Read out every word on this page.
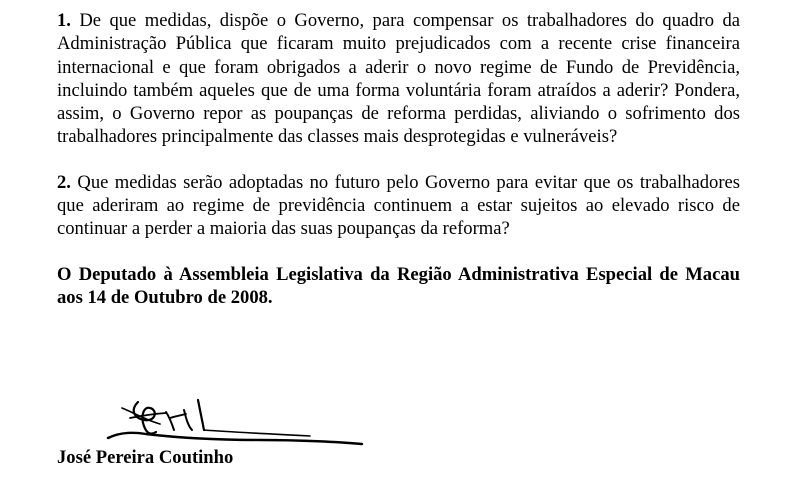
1. De que medidas, dispõe o Governo, para compensar os trabalhadores do quadro da Administração Pública que ficaram muito prejudicados com a recente crise financeira internacional e que foram obrigados a aderir o novo regime de Fundo de Previdência, incluindo também aqueles que de uma forma voluntária foram atraídos a aderir? Pondera, assim, o Governo repor as poupanças de reforma perdidas, aliviando o sofrimento dos trabalhadores principalmente das classes mais desprotegidas e vulneráveis?

2. Que medidas serão adoptadas no futuro pelo Governo para evitar que os trabalhadores que aderiram ao regime de previdência continuem a estar sujeitos ao elevado risco de continuar a perder a maioria das suas poupanças da reforma?

O Deputado à Assembleia Legislativa da Região Administrativa Especial de Macau aos 14 de Outubro de 2008.

José Pereira Coutinho
